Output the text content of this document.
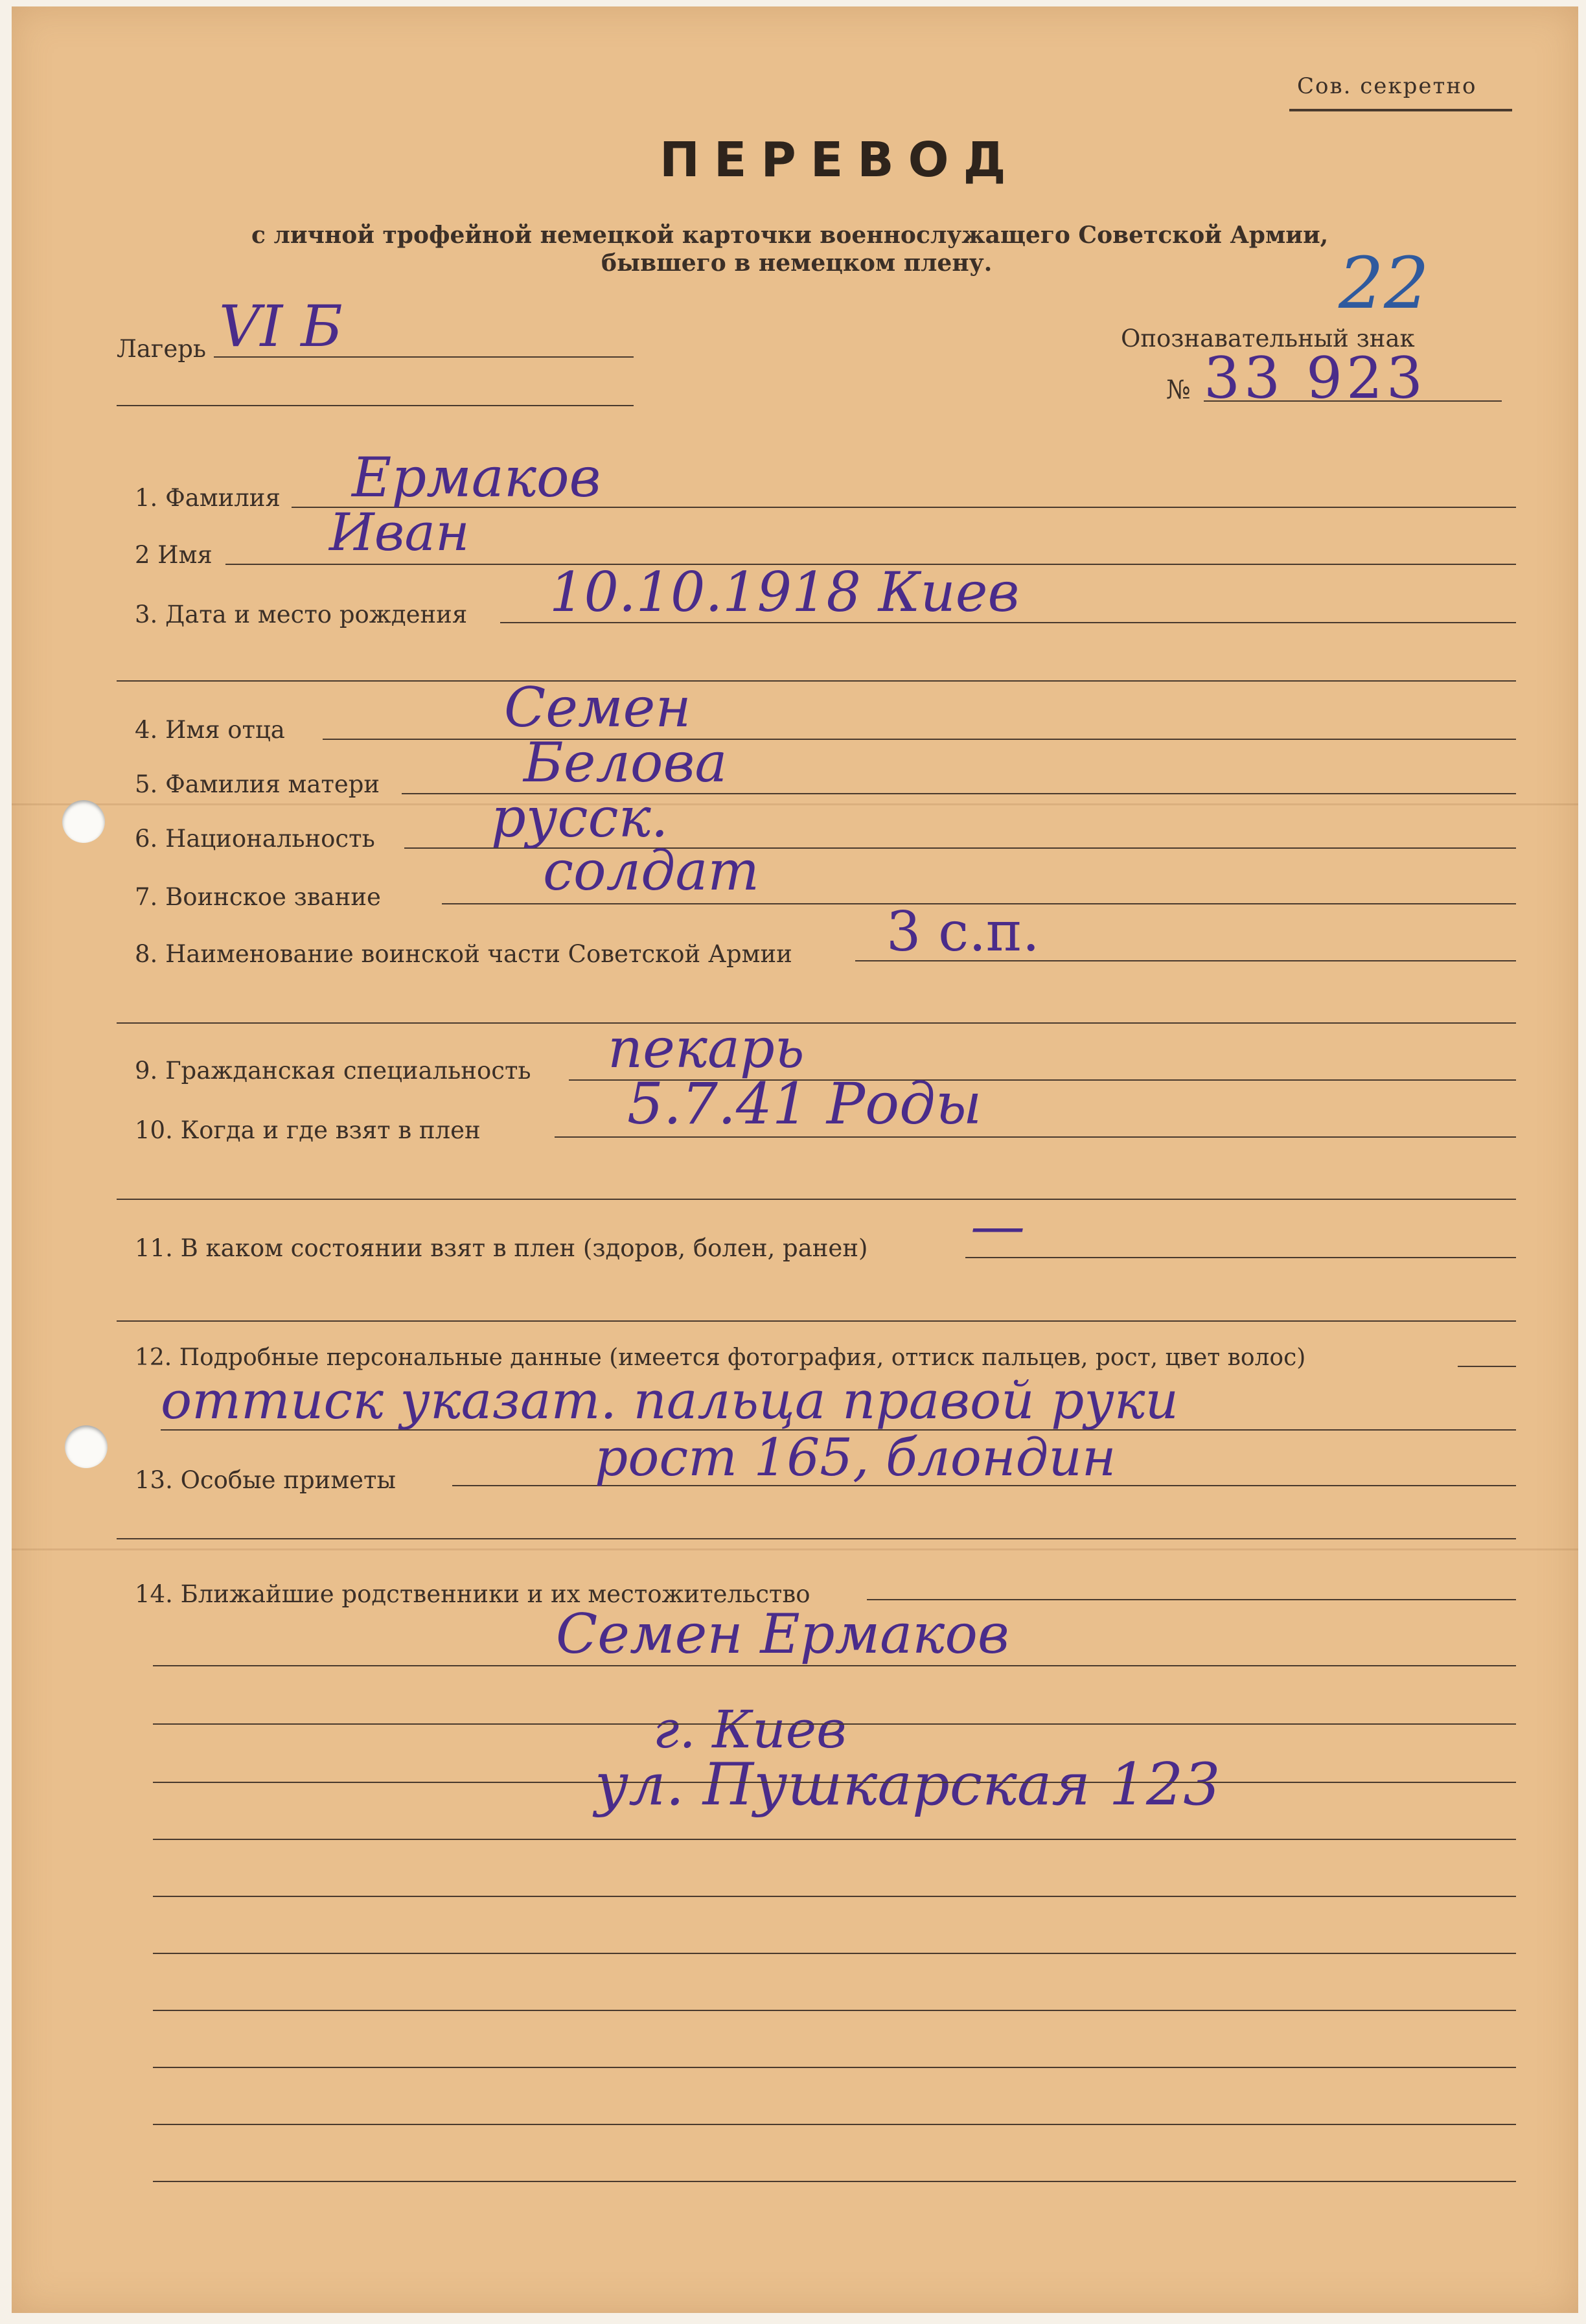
Сов. секретно
ПЕРЕВОД
с личной трофейной немецкой карточки военнослужащего Советской Армии,
бывшего в немецком плену.
Лагерь VI Б	Опознавательный знак
№ 33 923
22
1. Фамилия Ермаков
2 Имя Иван
3. Дата и место рождения 10.10.1918 Киев
4. Имя отца	Семен
5. Фамилия матери	Белова
6. Национальность русск.
7. Воинское звание	солдат
8. Наименование воинской части Советской Армии 3 с.п.
9. Гражданская специальность пекарь
10. Когда и где взят в плен	5.7.41 Роды
11. В каком состоянии взят в плен (здоров, болен, ранен) —
12. Подробные персональные данные (имеется фотография, оттиск пальцев, рост, цвет волос)
оттиск указат. пальца правой руки
13. Особые приметы	рост 165, блондин
14. Ближайшие родственники и их местожительство
Семен Ермаков
г. Киев
ул. Пушкарская 123
